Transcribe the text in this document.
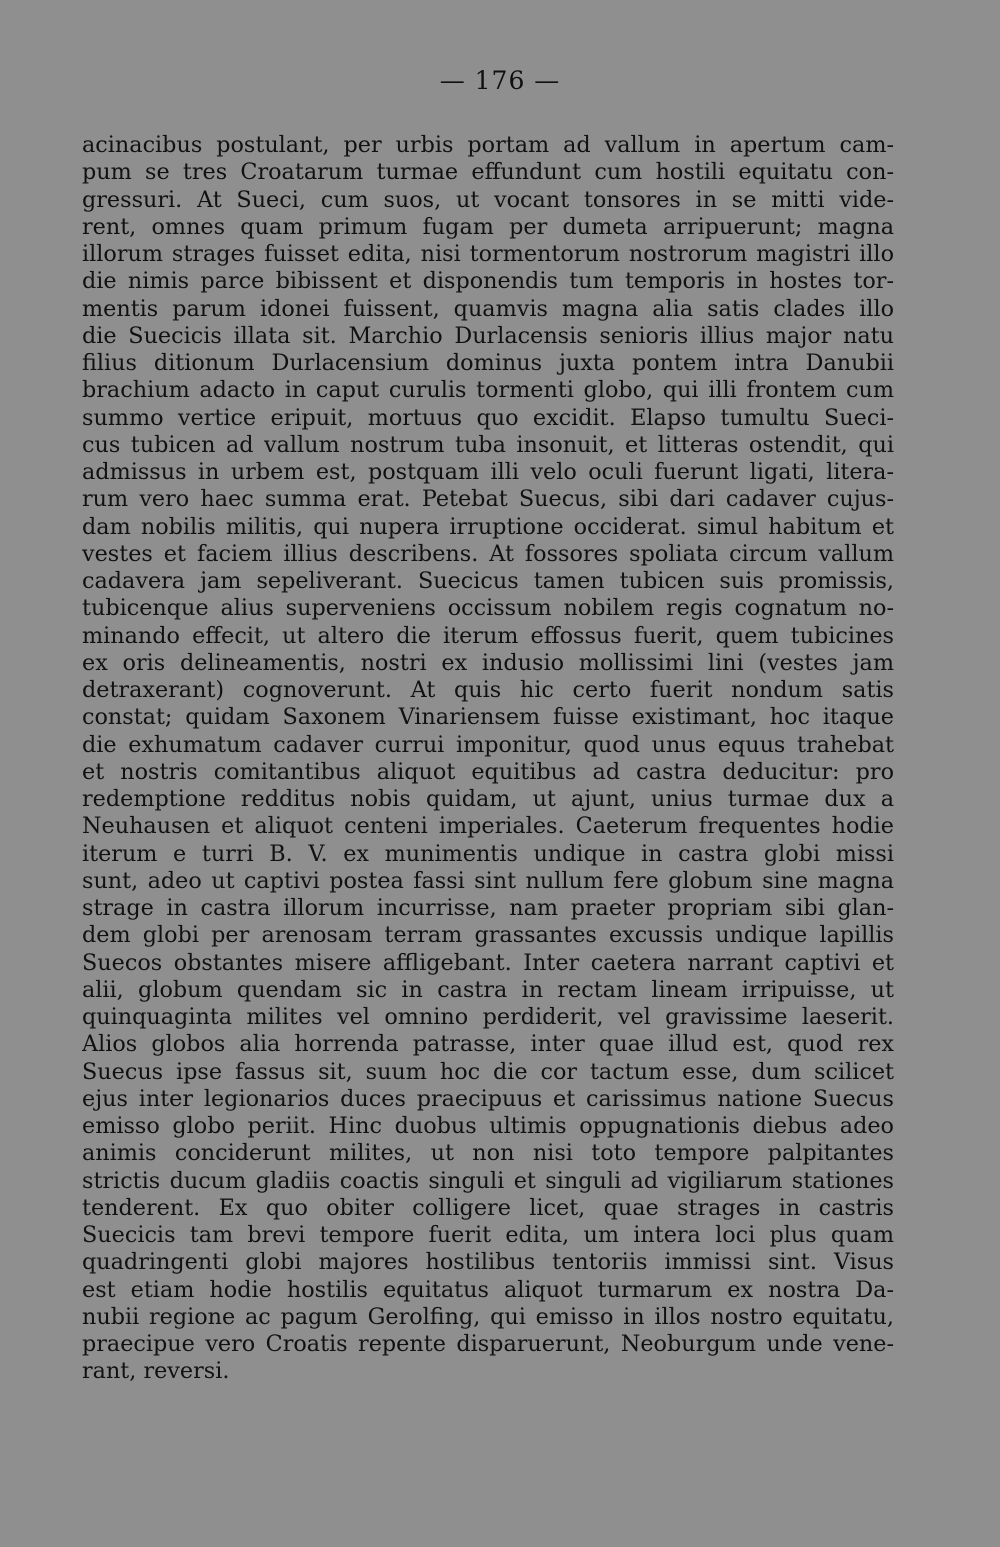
— 176 —
acinacibus postulant, per urbis portam ad vallum in apertum cam-
pum se tres Croatarum turmae effundunt cum hostili equitatu con-
gressuri. At Sueci, cum suos, ut vocant tonsores in se mitti vide-
rent, omnes quam primum fugam per dumeta arripuerunt; magna
illorum strages fuisset edita, nisi tormentorum nostrorum magistri illo
die nimis parce bibissent et disponendis tum temporis in hostes tor-
mentis parum idonei fuissent, quamvis magna alia satis clades illo
die Suecicis illata sit. Marchio Durlacensis senioris illius major natu
filius ditionum Durlacensium dominus juxta pontem intra Danubii
brachium adacto in caput curulis tormenti globo, qui illi frontem cum
summo vertice eripuit, mortuus quo excidit. Elapso tumultu Sueci-
cus tubicen ad vallum nostrum tuba insonuit, et litteras ostendit, qui
admissus in urbem est, postquam illi velo oculi fuerunt ligati, litera-
rum vero haec summa erat. Petebat Suecus, sibi dari cadaver cujus-
dam nobilis militis, qui nupera irruptione occiderat. simul habitum et
vestes et faciem illius describens. At fossores spoliata circum vallum
cadavera jam sepeliverant. Suecicus tamen tubicen suis promissis,
tubicenque alius superveniens occissum nobilem regis cognatum no-
minando effecit, ut altero die iterum effossus fuerit, quem tubicines
ex oris delineamentis, nostri ex indusio mollissimi lini (vestes jam
detraxerant) cognoverunt. At quis hic certo fuerit nondum satis
constat; quidam Saxonem Vinariensem fuisse existimant, hoc itaque
die exhumatum cadaver currui imponitur, quod unus equus trahebat
et nostris comitantibus aliquot equitibus ad castra deducitur: pro
redemptione redditus nobis quidam, ut ajunt, unius turmae dux a
Neuhausen et aliquot centeni imperiales. Caeterum frequentes hodie
iterum e turri B. V. ex munimentis undique in castra globi missi
sunt, adeo ut captivi postea fassi sint nullum fere globum sine magna
strage in castra illorum incurrisse, nam praeter propriam sibi glan-
dem globi per arenosam terram grassantes excussis undique lapillis
Suecos obstantes misere affligebant. Inter caetera narrant captivi et
alii, globum quendam sic in castra in rectam lineam irripuisse, ut
quinquaginta milites vel omnino perdiderit, vel gravissime laeserit.
Alios globos alia horrenda patrasse, inter quae illud est, quod rex
Suecus ipse fassus sit, suum hoc die cor tactum esse, dum scilicet
ejus inter legionarios duces praecipuus et carissimus natione Suecus
emisso globo periit. Hinc duobus ultimis oppugnationis diebus adeo
animis conciderunt milites, ut non nisi toto tempore palpitantes
strictis ducum gladiis coactis singuli et singuli ad vigiliarum stationes
tenderent. Ex quo obiter colligere licet, quae strages in castris
Suecicis tam brevi tempore fuerit edita, um intera loci plus quam
quadringenti globi majores hostilibus tentoriis immissi sint. Visus
est etiam hodie hostilis equitatus aliquot turmarum ex nostra Da-
nubii regione ac pagum Gerolfing, qui emisso in illos nostro equitatu,
praecipue vero Croatis repente disparuerunt, Neoburgum unde vene-
rant, reversi.
